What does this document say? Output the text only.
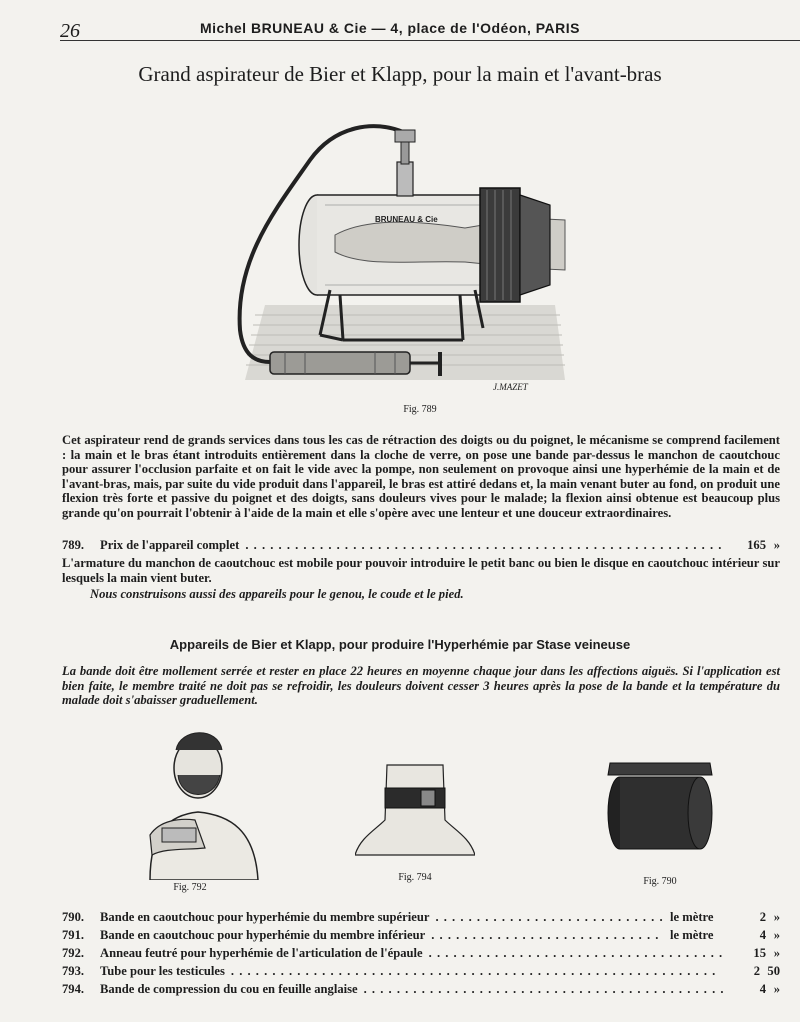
26	Michel BRUNEAU & Cie — 4, place de l'Odéon, PARIS
Grand aspirateur de Bier et Klapp, pour la main et l'avant-bras
BRUNEAU & Cie
J.MAZET
Fig. 789
Cet aspirateur rend de grands services dans tous les cas de rétraction des doigts ou du poignet, le mécanisme se comprend facilement : la main et le bras étant introduits entièrement dans la cloche de verre, on pose une bande par-dessus le manchon de caoutchouc pour assurer l'occlusion parfaite et on fait le vide avec la pompe, non seulement on provoque ainsi une hyperhémie de la main et de l'avant-bras, mais, par suite du vide produit dans l'appareil, le bras est attiré dedans et, la main venant buter au fond, on produit une flexion très forte et passive du poignet et des doigts, sans douleurs vives pour le malade; la flexion ainsi obtenue est beaucoup plus grande qu'on pourrait l'obtenir à l'aide de la main et elle s'opère avec une lenteur et une douceur extraordinaires.
789.	Prix de l'appareil complet . . .	165 »
L'armature du manchon de caoutchouc est mobile pour pouvoir introduire le petit banc ou bien le disque en caoutchouc intérieur sur lesquels la main vient buter.
Nous construisons aussi des appareils pour le genou, le coude et le pied.
Appareils de Bier et Klapp, pour produire l'Hyperhémie par Stase veineuse
La bande doit être mollement serrée et rester en place 22 heures en moyenne chaque jour dans les affections aiguës. Si l'application est bien faite, le membre traité ne doit pas se refroidir, les douleurs doivent cesser 3 heures après la pose de la bande et la température du malade doit s'abaisser graduellement.
Fig. 792
Fig. 794	Fig. 790
790.	Bande en caoutchouc pour hyperhémie du membre supérieur . . .	le mètre	2 »
791.	Bande en caoutchouc pour hyperhémie du membre inférieur . . .	le mètre	4 »
792.	Anneau feutré pour hyperhémie de l'articulation de l'épaule . . .	15 »
793.	Tube pour les testicules . . .	2 50
794.	Bande de compression du cou en feuille anglaise . . .	4 »
